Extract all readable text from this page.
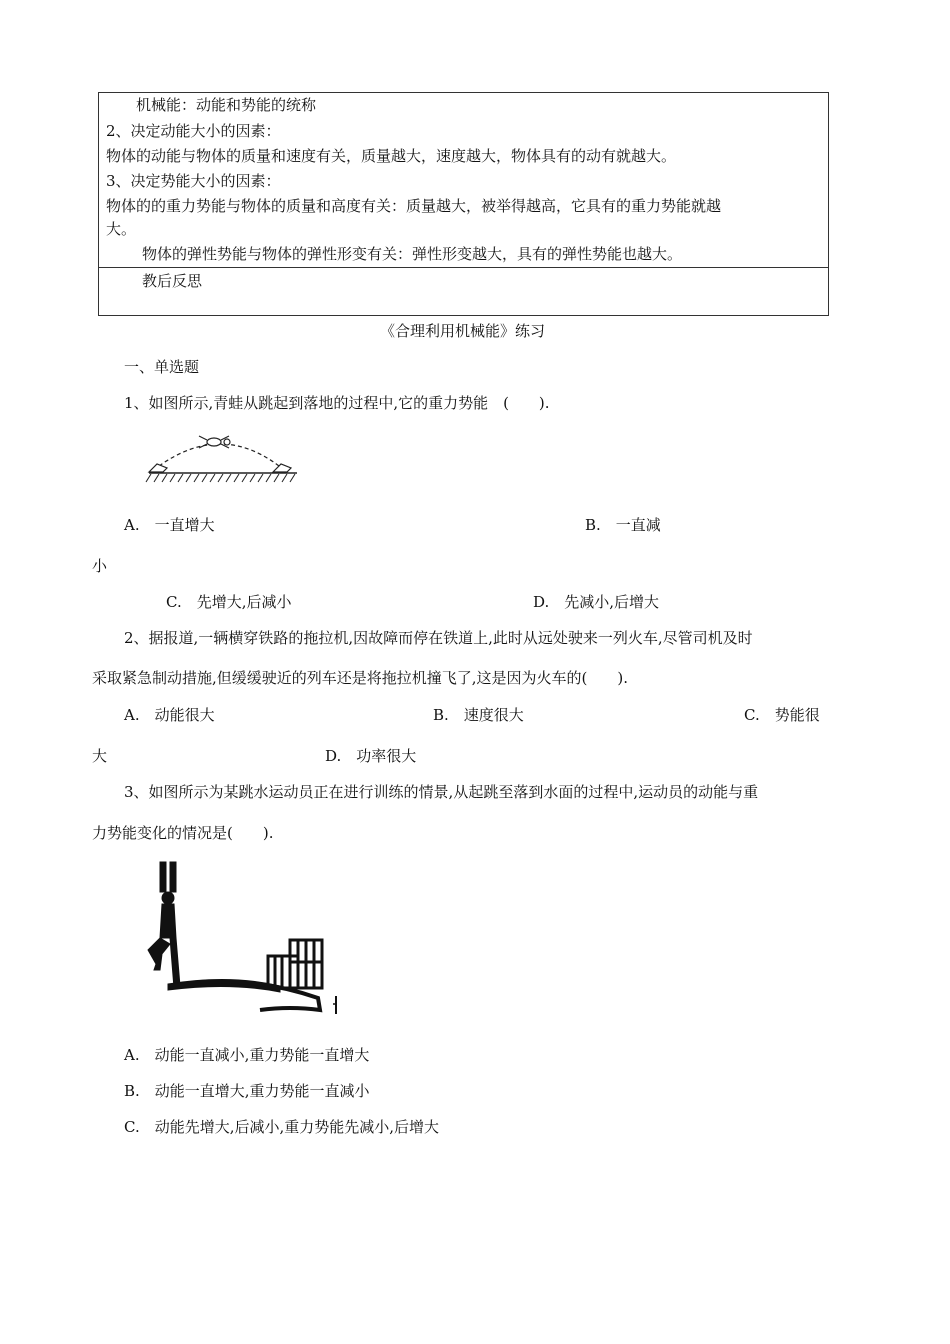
机械能：动能和势能的统称
2、决定动能大小的因素：
物体的动能与物体的质量和速度有关，质量越大，速度越大，物体具有的动有就越大。
3、决定势能大小的因素：
物体的的重力势能与物体的质量和高度有关：质量越大，被举得越高，它具有的重力势能就越
大。
物体的弹性势能与物体的弹性形变有关：弹性形变越大，具有的弹性势能也越大。
教后反思
《合理利用机械能》练习
一、单选题
1、如图所示,青蛙从跳起到落地的过程中,它的重力势能　(　　).
A.　一直增大	B.　一直减
小
C.　先增大,后减小	D.　先减小,后增大
2、据报道,一辆横穿铁路的拖拉机,因故障而停在铁道上,此时从远处驶来一列火车,尽管司机及时
采取紧急制动措施,但缓缓驶近的列车还是将拖拉机撞飞了,这是因为火车的(　　).
A.　动能很大	B.　速度很大	C.　势能很
大	D.　功率很大
3、如图所示为某跳水运动员正在进行训练的情景,从起跳至落到水面的过程中,运动员的动能与重
力势能变化的情况是(　　).
A.　动能一直减小,重力势能一直增大
B.　动能一直增大,重力势能一直减小
C.　动能先增大,后减小,重力势能先减小,后增大
